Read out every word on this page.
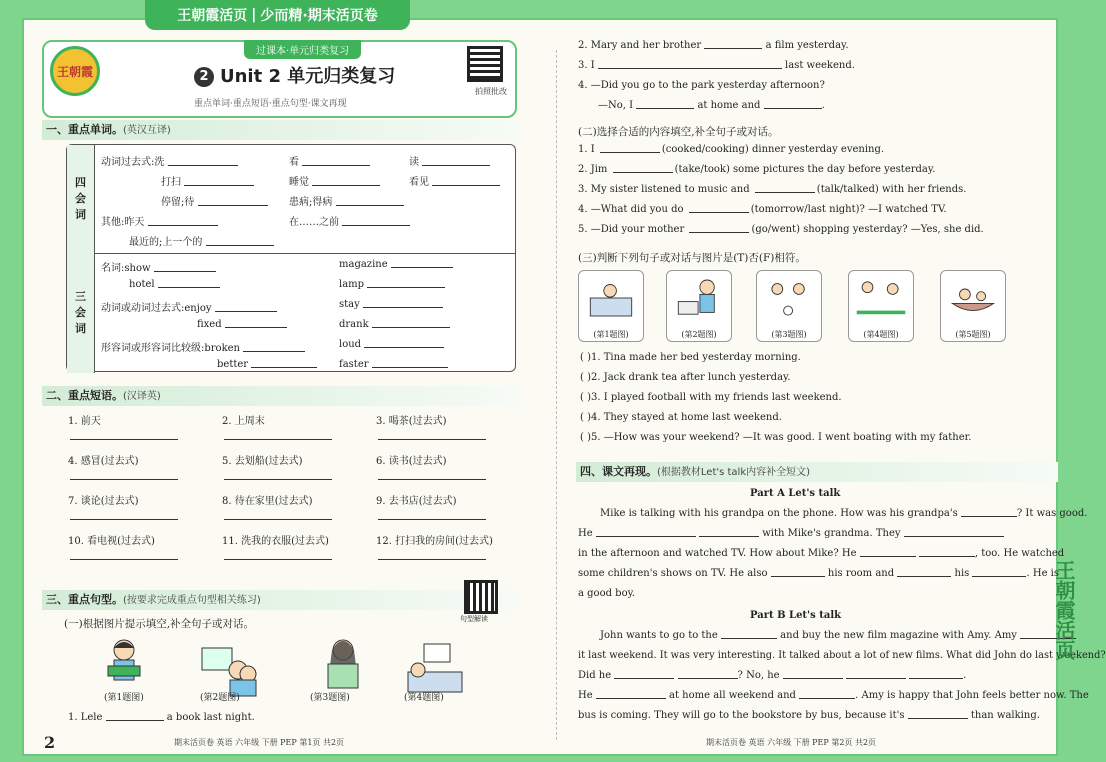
王朝霞活页 | 少而精·期末活页卷
王朝霞
过课本·单元归类复习
2 Unit 2 单元归类复习
重点单词·重点短语·重点句型·课文再现
拍照批改
一、重点单词。(英汉互译)
四
会
词
三
会
词
动词过去式:洗	看	读
打扫	睡觉	看见
停留;待	患病;得病
其他:昨天	在……之前
最近的;上一个的
名词:show	magazine
hotel	lamp
动词或动词过去式:enjoy	stay
fixed	drank
形容词或形容词比较级:broken	loud
better	faster
二、重点短语。(汉译英)
1. 前天	2. 上周末	3. 喝茶(过去式)
4. 感冒(过去式)	5. 去划船(过去式)	6. 读书(过去式)
7. 谈论(过去式)	8. 待在家里(过去式)	9. 去书店(过去式)
10. 看电视(过去式)	11. 洗我的衣服(过去式)	12. 打扫我的房间(过去式)
三、重点句型。(按要求完成重点句型相关练习)
句型解读
(一)根据图片提示填空,补全句子或对话。
(第1题图)	(第2题图)	(第3题图)	(第4题图)
1. Lele	a book last night.
2	期末活页卷 英语 六年级 下册 PEP 第1页 共2页
2. Mary and her brother	a film yesterday.
3. I	last weekend.
4. —Did you go to the park yesterday afternoon?
—No, I	at home and	.
(二)选择合适的内容填空,补全句子或对话。
1. I	(cooked/cooking) dinner yesterday evening.
2. Jim	(take/took) some pictures the day before yesterday.
3. My sister listened to music and	(talk/talked) with her friends.
4. —What did you do	(tomorrow/last night)? —I watched TV.
5. —Did your mother	(go/went) shopping yesterday? —Yes, she did.
(三)判断下列句子或对话与图片是(T)否(F)相符。
(第1题图)	(第2题图)	(第3题图)	(第4题图)	(第5题图)
( )1. Tina made her bed yesterday morning.
( )2. Jack drank tea after lunch yesterday.
( )3. I played football with my friends last weekend.
( )4. They stayed at home last weekend.
( )5. —How was your weekend? —It was good. I went boating with my father.
四、课文再现。(根据教材Let's talk内容补全短文)
Part A Let's talk
Mike is talking with his grandpa on the phone. How was his grandpa's	? It was good.
He	with Mike's grandma. They
in the afternoon and watched TV. How about Mike? He	, too. He watched
some children's shows on TV. He also	his room and	his	. He is
a good boy.
Part B Let's talk
John wants to go to the	and buy the new film magazine with Amy. Amy
it last weekend. It was very interesting. It talked about a lot of new films. What did John do last weekend?
Did he	? No, he	.
He	at home all weekend and	. Amy is happy that John feels better now. The
bus is coming. They will go to the bookstore by bus, because it's	than walking.
期末活页卷 英语 六年级 下册 PEP 第2页 共2页
王朝霞活页
